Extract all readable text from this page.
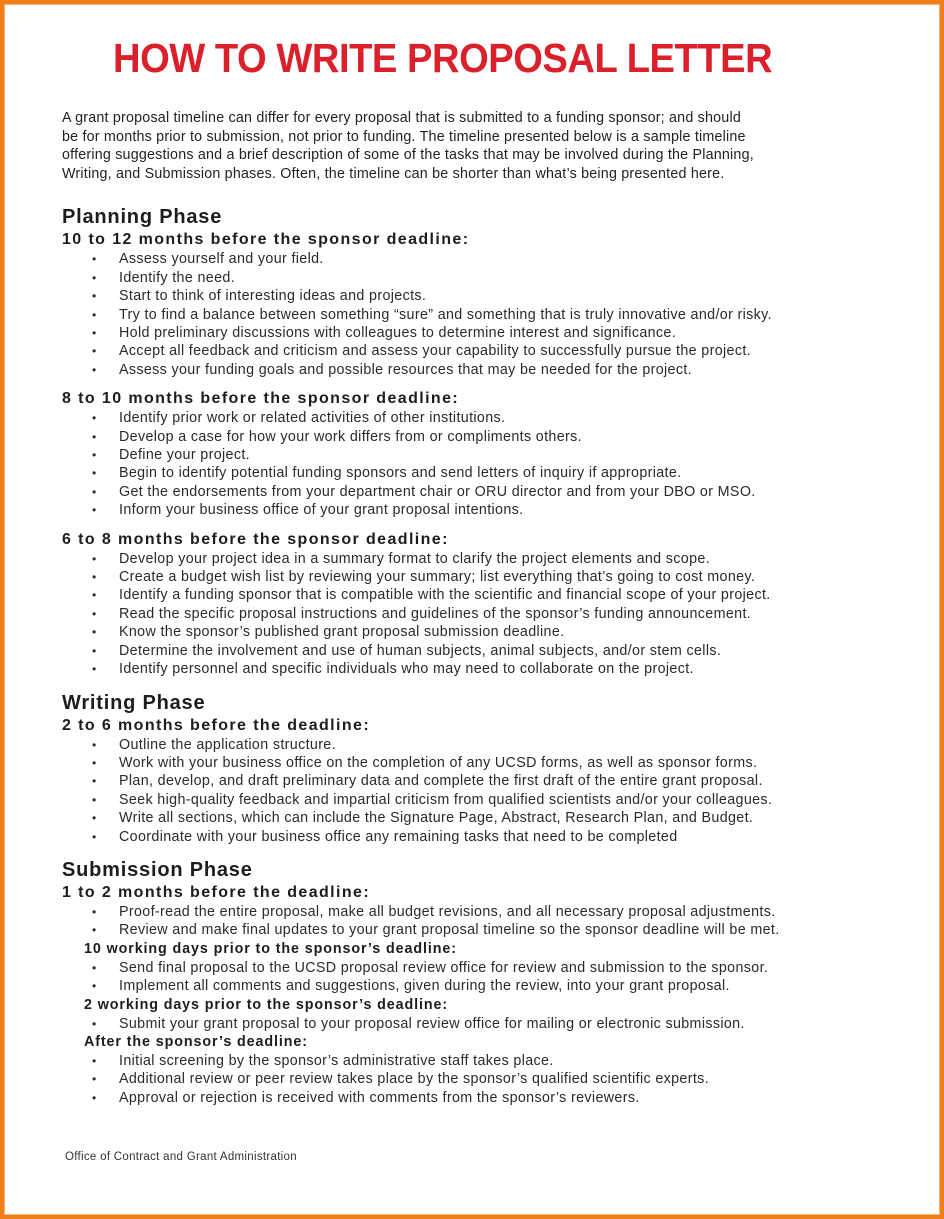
HOW TO WRITE PROPOSAL LETTER

A grant proposal timeline can differ for every proposal that is submitted to a funding sponsor; and should
be for months prior to submission, not prior to funding. The timeline presented below is a sample timeline
offering suggestions and a brief description of some of the tasks that may be involved during the Planning,
Writing, and Submission phases. Often, the timeline can be shorter than what’s being presented here.

Planning Phase
10 to 12 months before the sponsor deadline:
• Assess yourself and your field.
• Identify the need.
• Start to think of interesting ideas and projects.
• Try to find a balance between something “sure” and something that is truly innovative and/or risky.
• Hold preliminary discussions with colleagues to determine interest and significance.
• Accept all feedback and criticism and assess your capability to successfully pursue the project.
• Assess your funding goals and possible resources that may be needed for the project.
8 to 10 months before the sponsor deadline:
• Identify prior work or related activities of other institutions.
• Develop a case for how your work differs from or compliments others.
• Define your project.
• Begin to identify potential funding sponsors and send letters of inquiry if appropriate.
• Get the endorsements from your department chair or ORU director and from your DBO or MSO.
• Inform your business office of your grant proposal intentions.
6 to 8 months before the sponsor deadline:
• Develop your project idea in a summary format to clarify the project elements and scope.
• Create a budget wish list by reviewing your summary; list everything that’s going to cost money.
• Identify a funding sponsor that is compatible with the scientific and financial scope of your project.
• Read the specific proposal instructions and guidelines of the sponsor’s funding announcement.
• Know the sponsor’s published grant proposal submission deadline.
• Determine the involvement and use of human subjects, animal subjects, and/or stem cells.
• Identify personnel and specific individuals who may need to collaborate on the project.
Writing Phase
2 to 6 months before the deadline:
• Outline the application structure.
• Work with your business office on the completion of any UCSD forms, as well as sponsor forms.
• Plan, develop, and draft preliminary data and complete the first draft of the entire grant proposal.
• Seek high-quality feedback and impartial criticism from qualified scientists and/or your colleagues.
• Write all sections, which can include the Signature Page, Abstract, Research Plan, and Budget.
• Coordinate with your business office any remaining tasks that need to be completed
Submission Phase
1 to 2 months before the deadline:
• Proof-read the entire proposal, make all budget revisions, and all necessary proposal adjustments.
• Review and make final updates to your grant proposal timeline so the sponsor deadline will be met.
10 working days prior to the sponsor’s deadline:
• Send final proposal to the UCSD proposal review office for review and submission to the sponsor.
• Implement all comments and suggestions, given during the review, into your grant proposal.
2 working days prior to the sponsor’s deadline:
• Submit your grant proposal to your proposal review office for mailing or electronic submission.
After the sponsor’s deadline:
• Initial screening by the sponsor’s administrative staff takes place.
• Additional review or peer review takes place by the sponsor’s qualified scientific experts.
• Approval or rejection is received with comments from the sponsor’s reviewers.
Office of Contract and Grant Administration
